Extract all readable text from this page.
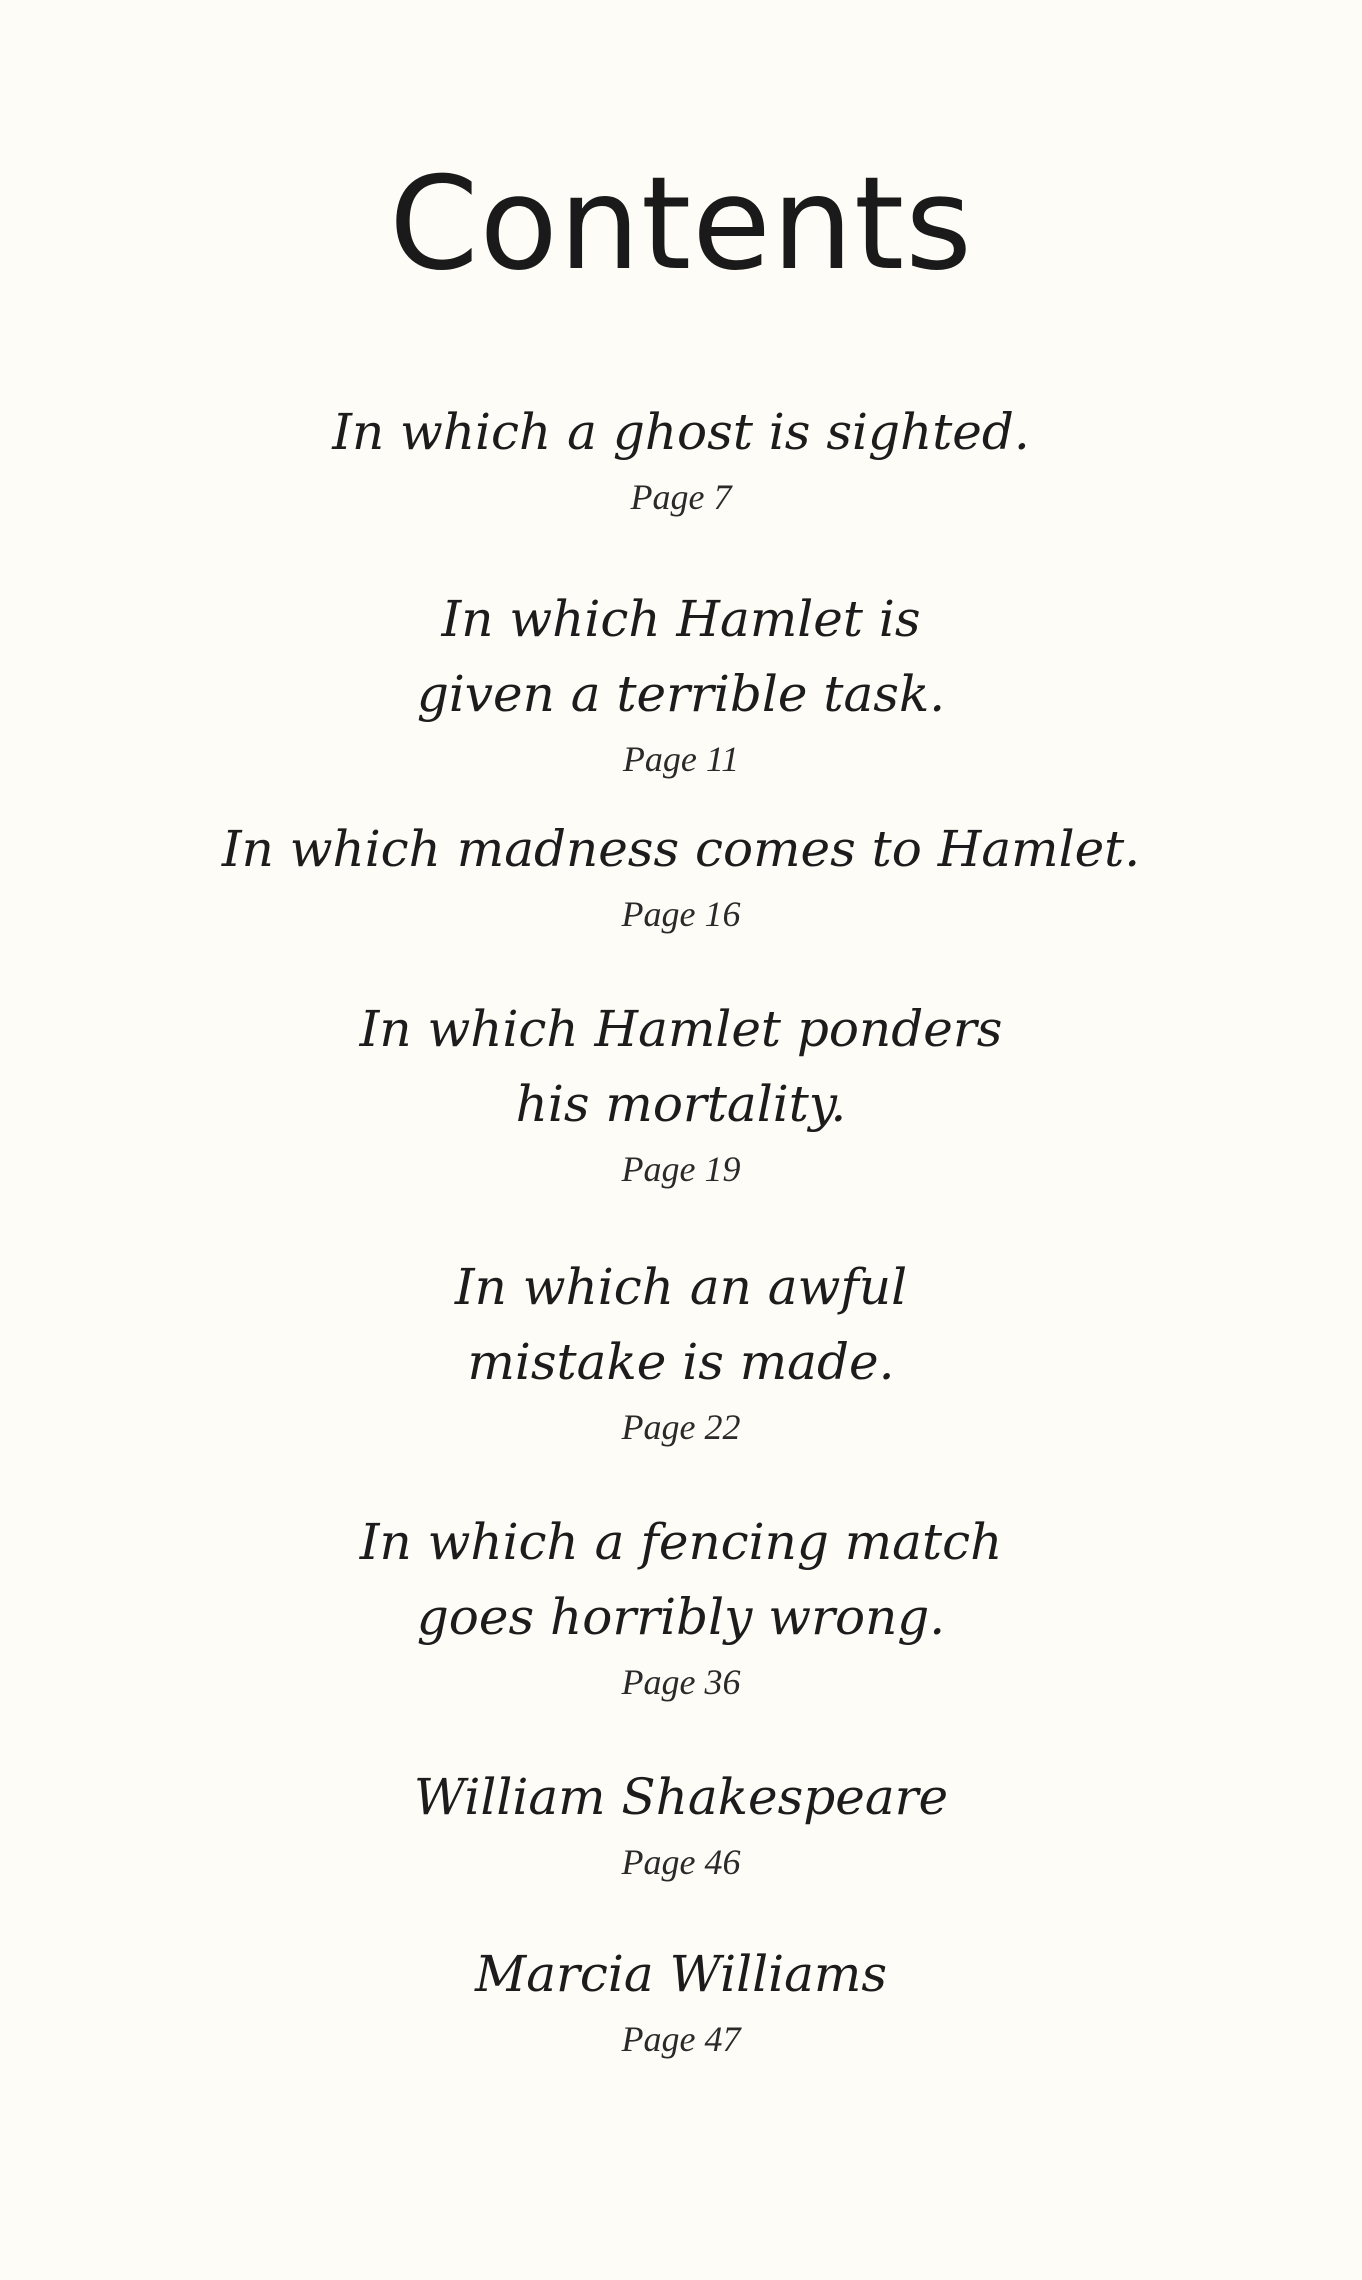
Contents
In which a ghost is sighted.
Page 7
In which Hamlet is
given a terrible task.
Page 11
In which madness comes to Hamlet.
Page 16
In which Hamlet ponders
his mortality.
Page 19
In which an awful
mistake is made.
Page 22
In which a fencing match
goes horribly wrong.
Page 36
William Shakespeare
Page 46
Marcia Williams
Page 47
